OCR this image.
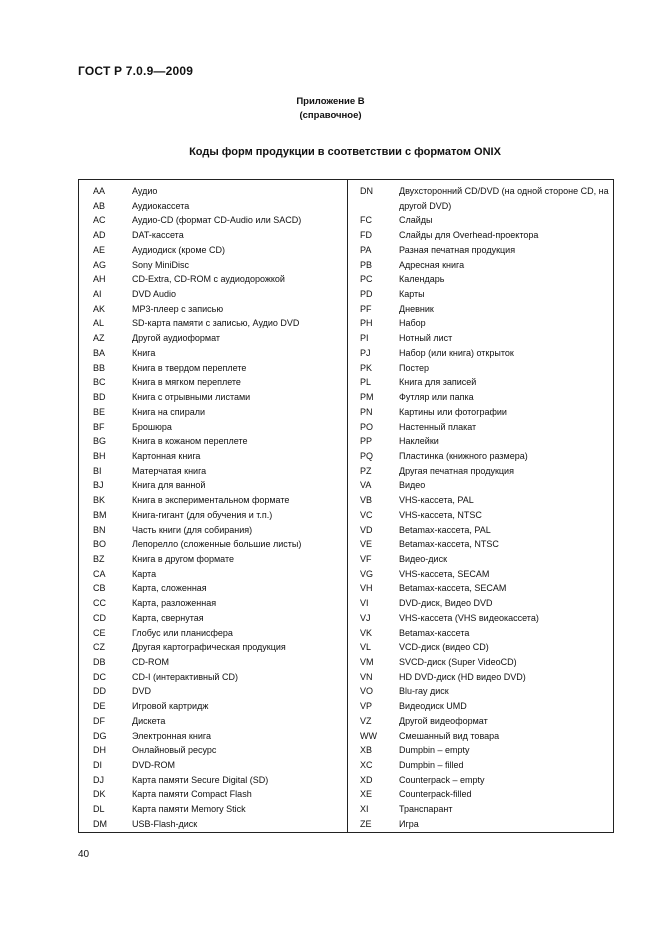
ГОСТ Р 7.0.9—2009
Приложение В
(справочное)
Коды форм продукции в соответствии с форматом ONIX
AA	Аудио
AB	Аудиокассета
AC	Аудио-CD (формат CD-Audio или SACD)
AD	DAT-кассета
AE	Аудиодиск (кроме CD)
AG	Sony MiniDisc
AH	CD-Extra, CD-ROM с аудиодорожкой
AI	DVD Audio
AK	MP3-плеер с записью
AL	SD-карта памяти с записью, Аудио DVD
AZ	Другой аудиоформат
BA	Книга
BB	Книга в твердом переплете
BC	Книга в мягком переплете
BD	Книга с отрывными листами
BE	Книга на спирали
BF	Брошюра
BG	Книга в кожаном переплете
BH	Картонная книга
BI	Матерчатая книга
BJ	Книга для ванной
BK	Книга в экспериментальном формате
BM	Книга-гигант (для обучения и т.п.)
BN	Часть книги (для собирания)
BO	Лепорелло (сложенные большие листы)
BZ	Книга в другом формате
CA	Карта
CB	Карта, сложенная
CC	Карта, разложенная
CD	Карта, свернутая
CE	Глобус или планисфера
CZ	Другая картографическая продукция
DB	CD-ROM
DC	CD-I (интерактивный CD)
DD	DVD
DE	Игровой картридж
DF	Дискета
DG	Электронная книга
DH	Онлайновый ресурс
DI	DVD-ROM
DJ	Карта памяти Secure Digital (SD)
DK	Карта памяти Compact Flash
DL	Карта памяти Memory Stick
DM	USB-Flash-диск
DN	Двухсторонний CD/DVD (на одной стороне CD, на другой DVD)
FC	Слайды
FD	Слайды для Overhead-проектора
PA	Разная печатная продукция
PB	Адресная книга
PC	Календарь
PD	Карты
PF	Дневник
PH	Набор
PI	Нотный лист
PJ	Набор (или книга) открыток
PK	Постер
PL	Книга для записей
PM	Футляр или папка
PN	Картины или фотографии
PO	Настенный плакат
PP	Наклейки
PQ	Пластинка (книжного размера)
PZ	Другая печатная продукция
VA	Видео
VB	VHS-кассета, PAL
VC	VHS-кассета, NTSC
VD	Betamax-кассета, PAL
VE	Betamax-кассета, NTSC
VF	Видео-диск
VG	VHS-кассета, SECAM
VH	Betamax-кассета, SECAM
VI	DVD-диск, Видео DVD
VJ	VHS-кассета (VHS видеокассета)
VK	Betamax-кассета
VL	VCD-диск (видео CD)
VM	SVCD-диск (Super VideoCD)
VN	HD DVD-диск (HD видео DVD)
VO	Blu-ray диск
VP	Видеодиск UMD
VZ	Другой видеоформат
WW Смешанный вид товара
XB	Dumpbin – empty
XC	Dumpbin – filled
XD	Counterpack – empty
XE	Counterpack-filled
XI	Транспарант
ZE	Игра
40
